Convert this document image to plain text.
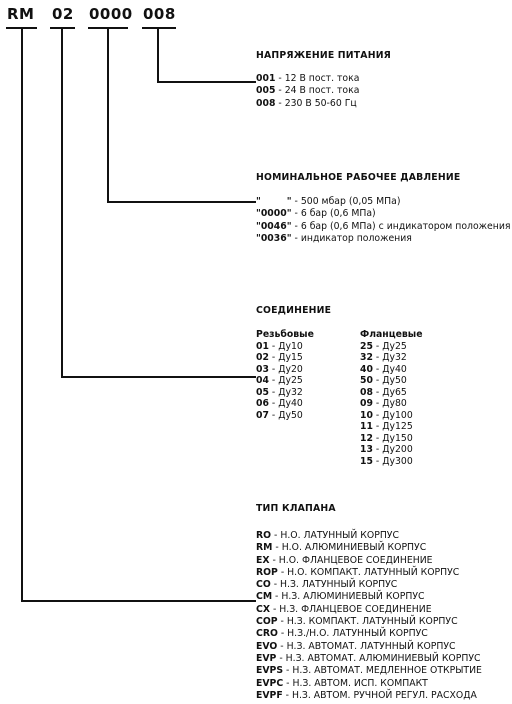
RM 02 0000 008
НАПРЯЖЕНИЕ ПИТАНИЯ
001 - 12 В пост. тока
005 - 24 В пост. тока
008 - 230 В 50-60 Гц
НОМИНАЛЬНОЕ РАБОЧЕЕ ДАВЛЕНИЕ
"        " - 500 мбар (0,05 МПа)
"0000" - 6 бар (0,6 МПа)
"0046" - 6 бар (0,6 МПа) с индикатором положения
"0036" - индикатор положения
СОЕДИНЕНИЕ
Резьбовые
01 - Ду10
02 - Ду15
03 - Ду20
04 - Ду25
05 - Ду32
06 - Ду40
07 - Ду50
Фланцевые
25 - Ду25
32 - Ду32
40 - Ду40
50 - Ду50
08 - Ду65
09 - Ду80
10 - Ду100
11 - Ду125
12 - Ду150
13 - Ду200
15 - Ду300
ТИП КЛАПАНА
RO - Н.О. ЛАТУННЫЙ КОРПУС
RM - Н.О. АЛЮМИНИЕВЫЙ КОРПУС
EX - Н.О. ФЛАНЦЕВОЕ СОЕДИНЕНИЕ
ROP - Н.О. КОМПАКТ. ЛАТУННЫЙ КОРПУС
CO - Н.З. ЛАТУННЫЙ КОРПУС
CM - Н.З. АЛЮМИНИЕВЫЙ КОРПУС
CX - Н.З. ФЛАНЦЕВОЕ СОЕДИНЕНИЕ
COP - Н.З. КОМПАКТ. ЛАТУННЫЙ КОРПУС
CRO - Н.З./Н.О. ЛАТУННЫЙ КОРПУС
EVO - Н.З. АВТОМАТ. ЛАТУННЫЙ КОРПУС
EVP - Н.З. АВТОМАТ. АЛЮМИНИЕВЫЙ КОРПУС
EVPS - Н.З. АВТОМАТ. МЕДЛЕННОЕ ОТКРЫТИЕ
EVPC - Н.З. АВТОМ. ИСП. КОМПАКТ
EVPF - Н.З. АВТОМ. РУЧНОЙ РЕГУЛ. РАСХОДА
